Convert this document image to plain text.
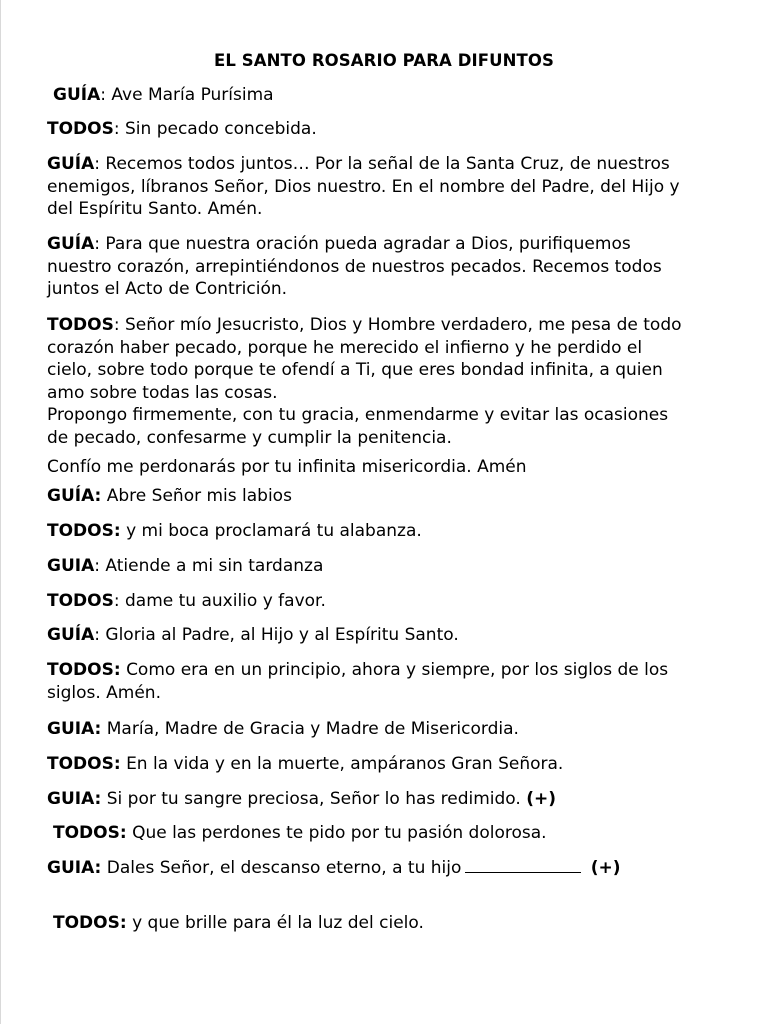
EL SANTO ROSARIO PARA DIFUNTOS
GUÍA: Ave María Purísima
TODOS: Sin pecado concebida.
GUÍA: Recemos todos juntos… Por la señal de la Santa Cruz, de nuestros
enemigos, líbranos Señor, Dios nuestro. En el nombre del Padre, del Hijo y
del Espíritu Santo. Amén.
GUÍA: Para que nuestra oración pueda agradar a Dios, purifiquemos
nuestro corazón, arrepintiéndonos de nuestros pecados. Recemos todos
juntos el Acto de Contrición.
TODOS: Señor mío Jesucristo, Dios y Hombre verdadero, me pesa de todo
corazón haber pecado, porque he merecido el infierno y he perdido el
cielo, sobre todo porque te ofendí a Ti, que eres bondad infinita, a quien
amo sobre todas las cosas.
Propongo firmemente, con tu gracia, enmendarme y evitar las ocasiones
de pecado, confesarme y cumplir la penitencia.
Confío me perdonarás por tu infinita misericordia. Amén
GUÍA: Abre Señor mis labios
TODOS: y mi boca proclamará tu alabanza.
GUIA: Atiende a mi sin tardanza
TODOS: dame tu auxilio y favor.
GUÍA: Gloria al Padre, al Hijo y al Espíritu Santo.
TODOS: Como era en un principio, ahora y siempre, por los siglos de los
siglos. Amén.
GUIA: María, Madre de Gracia y Madre de Misericordia.
TODOS: En la vida y en la muerte, ampáranos Gran Señora.
GUIA: Si por tu sangre preciosa, Señor lo has redimido. (+)
TODOS: Que las perdones te pido por tu pasión dolorosa.
GUIA: Dales Señor, el descanso eterno, a tu hijo	(+)
TODOS: y que brille para él la luz del cielo.
